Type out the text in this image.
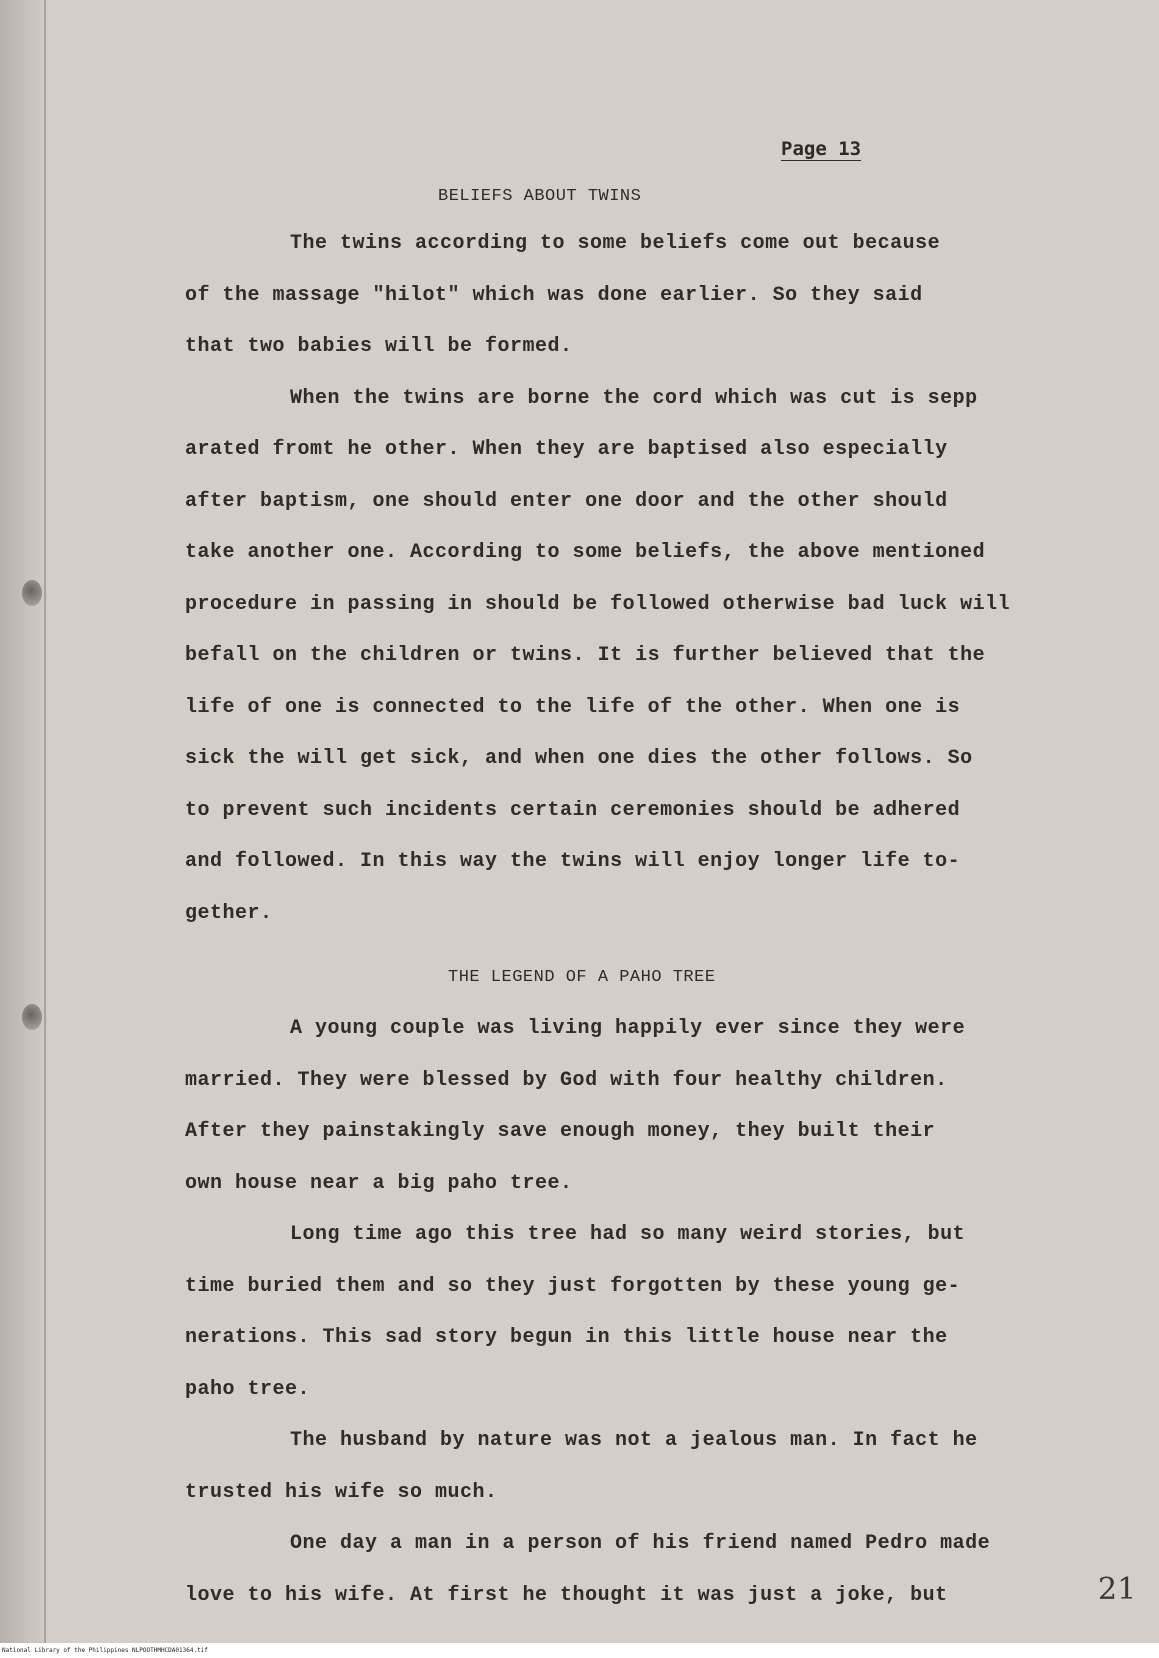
Page 13
BELIEFS ABOUT TWINS
The twins according to some beliefs come out because
of the massage "hilot" which was done earlier. So they said
that two babies will be formed.
When the twins are borne the cord which was cut is sepp
arated fromt he other. When they are baptised also especially
after baptism, one should enter one door and the other should
take another one. According to some beliefs, the above mentioned
procedure in passing in should be followed otherwise bad luck will
befall on the children or twins. It is further believed that the
life of one is connected to the life of the other. When one is
sick the will get sick, and when one dies the other follows. So
to prevent such incidents certain ceremonies should be adhered
and followed. In this way the twins will enjoy longer life to-
gether.
THE LEGEND OF A PAHO TREE
A young couple was living happily ever since they were
married. They were blessed by God with four healthy children.
After they painstakingly save enough money, they built their
own house near a big paho tree.
Long time ago this tree had so many weird stories, but
time buried them and so they just forgotten by these young ge-
nerations. This sad story begun in this little house near the
paho tree.
The husband by nature was not a jealous man. In fact he
trusted his wife so much.
One day a man in a person of his friend named Pedro made
love to his wife. At first he thought it was just a joke, but	21
National Library of the Philippines NLPOOTHMHCDA01364.tif
